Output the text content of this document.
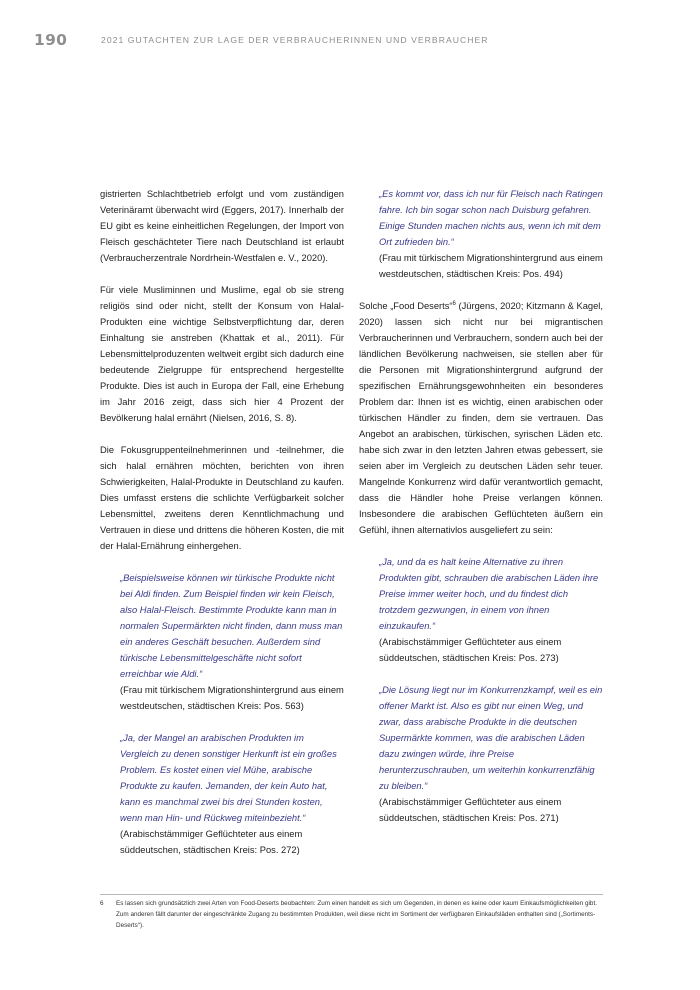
190	2021 GUTACHTEN ZUR LAGE DER VERBRAUCHERINNEN UND VERBRAUCHER

gistrierten Schlachtbetrieb erfolgt und vom zuständigen Veterinäramt überwacht wird (Eggers, 2017). Innerhalb der EU gibt es keine einheitlichen Regelungen, der Import von Fleisch geschächteter Tiere nach Deutschland ist erlaubt (Verbraucherzentrale Nordrhein-Westfalen e. V., 2020).

Für viele Musliminnen und Muslime, egal ob sie streng religiös sind oder nicht, stellt der Konsum von Halal-Produkten eine wichtige Selbstverpflichtung dar, deren Einhaltung sie anstreben (Khattak et al., 2011). Für Lebensmittelproduzenten weltweit ergibt sich dadurch eine bedeutende Zielgruppe für entsprechend hergestellte Produkte. Dies ist auch in Europa der Fall, eine Erhebung im Jahr 2016 zeigt, dass sich hier 4 Prozent der Bevölkerung halal ernährt (Nielsen, 2016, S. 8).

Die Fokusgruppenteilnehmerinnen und -teilnehmer, die sich halal ernähren möchten, berichten von ihren Schwierigkeiten, Halal-Produkte in Deutschland zu kaufen. Dies umfasst erstens die schlichte Verfügbarkeit solcher Lebensmittel, zweitens deren Kenntlichmachung und Vertrauen in diese und drittens die höheren Kosten, die mit der Halal-Ernährung einhergehen.

„Beispielsweise können wir türkische Produkte nicht bei Aldi finden. Zum Beispiel finden wir kein Fleisch, also Halal-Fleisch. Bestimmte Produkte kann man in normalen Supermärkten nicht finden, dann muss man ein anderes Geschäft besuchen. Außerdem sind türkische Lebensmittelgeschäfte nicht sofort erreichbar wie Aldi.“
(Frau mit türkischem Migrationshintergrund aus einem westdeutschen, städtischen Kreis: Pos. 563)
„Ja, der Mangel an arabischen Produkten im Vergleich zu denen sonstiger Herkunft ist ein großes Problem. Es kostet einen viel Mühe, arabische Produkte zu kaufen. Jemanden, der kein Auto hat, kann es manchmal zwei bis drei Stunden kosten, wenn man Hin- und Rückweg miteinbezieht.“
(Arabischstämmiger Geflüchteter aus einem süddeutschen, städtischen Kreis: Pos. 272)
„Es kommt vor, dass ich nur für Fleisch nach Ratingen fahre. Ich bin sogar schon nach Duisburg gefahren. Einige Stunden machen nichts aus, wenn ich mit dem Ort zufrieden bin.“
(Frau mit türkischem Migrationshintergrund aus einem westdeutschen, städtischen Kreis: Pos. 494)

Solche „Food Deserts“$^6$ (Jürgens, 2020; Kitzmann & Kagel, 2020) lassen sich nicht nur bei migrantischen Verbraucherinnen und Verbrauchern, sondern auch bei der ländlichen Bevölkerung nachweisen, sie stellen aber für die Personen mit Migrationshintergrund aufgrund der spezifischen Ernährungsgewohnheiten ein besonderes Problem dar: Ihnen ist es wichtig, einen arabischen oder türkischen Händler zu finden, dem sie vertrauen. Das Angebot an arabischen, türkischen, syrischen Läden etc. habe sich zwar in den letzten Jahren etwas gebessert, sie seien aber im Vergleich zu deutschen Läden sehr teuer. Mangelnde Konkurrenz wird dafür verantwortlich gemacht, dass die Händler hohe Preise verlangen können. Insbesondere die arabischen Geflüchteten äußern ein Gefühl, ihnen alternativlos ausgeliefert zu sein:

„Ja, und da es halt keine Alternative zu ihren Produkten gibt, schrauben die arabischen Läden ihre Preise immer weiter hoch, und du findest dich trotzdem gezwungen, in einem von ihnen einzukaufen.“
(Arabischstämmiger Geflüchteter aus einem süddeutschen, städtischen Kreis: Pos. 273)
„Die Lösung liegt nur im Konkurrenzkampf, weil es ein offener Markt ist. Also es gibt nur einen Weg, und zwar, dass arabische Produkte in die deutschen Supermärkte kommen, was die arabischen Läden dazu zwingen würde, ihre Preise herunterzuschrauben, um weiterhin konkurrenzfähig zu bleiben.“
(Arabischstämmiger Geflüchteter aus einem süddeutschen, städtischen Kreis: Pos. 271)
6	Es lassen sich grundsätzlich zwei Arten von Food-Deserts beobachten: Zum einen handelt es sich um Gegenden, in denen es keine oder kaum Einkaufsmöglichkeiten gibt. Zum anderen fällt darunter der eingeschränkte Zugang zu bestimmten Produkten, weil diese nicht im Sortiment der verfügbaren Einkaufsläden enthalten sind („Sortiments-Deserts“).
